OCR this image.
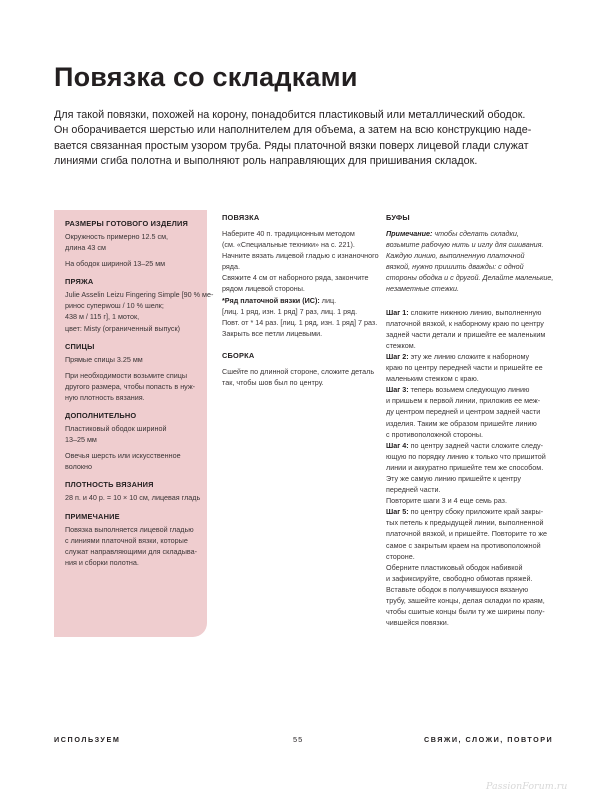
Повязка со складками
Для такой повязки, похожей на корону, понадобится пластиковый или металлический ободок.
Он оборачивается шерстью или наполнителем для объема, а затем на всю конструкцию наде-
вается связанная простым узором труба. Ряды платочной вязки поверх лицевой глади служат
линиями сгиба полотна и выполняют роль направляющих для пришивания складок.
РАЗМЕРЫ ГОТОВОГО ИЗДЕЛИЯ
Окружность примерно 12.5 см,
длина 43 см
На ободок шириной 13–25 мм
ПРЯЖА
Julie Asselin Leizu Fingering Simple [90 % ме-
ринос суперwош / 10 % шелк;
438 м / 115 г], 1 моток,
цвет: Misty (ограниченный выпуск)
СПИЦЫ
Прямые спицы 3.25 мм
При необходимости возьмите спицы
другого размера, чтобы попасть в нуж-
ную плотность вязания.
ДОПОЛНИТЕЛЬНО
Пластиковый ободок шириной
13–25 мм
Овечья шерсть или искусственное
волокно
ПЛОТНОСТЬ ВЯЗАНИЯ
28 п. и 40 р. = 10 × 10 см, лицевая гладь
ПРИМЕЧАНИЕ
Повязка выполняется лицевой гладью
с линиями платочной вязки, которые
служат направляющими для складыва-
ния и сборки полотна.
ПОВЯЗКА
Наберите 40 п. традиционным методом
(см. «Специальные техники» на с. 221).
Начните вязать лицевой гладью с изнаночного
ряда.
Свяжите 4 см от наборного ряда, закончите
рядом лицевой стороны.
*Ряд платочной вязки (ИС): лиц.
[лиц. 1 ряд, изн. 1 ряд] 7 раз, лиц. 1 ряд.
Повт. от * 14 раз. [лиц. 1 ряд, изн. 1 ряд] 7 раз.
Закрыть все петли лицевыми.
СБОРКА
Сшейте по длинной стороне, сложите деталь
так, чтобы шов был по центру.
БУФЫ
Примечание: чтобы сделать складки,
возьмите рабочую нить и иглу для сшивания.
Каждую линию, выполненную платочной
вязкой, нужно пришить дважды: с одной
стороны ободка и с другой. Делайте маленькие,
незаметные стежки.
Шаг 1: сложите нижнюю линию, выполненную
платочной вязкой, к наборному краю по центру
задней части детали и пришейте ее маленьким
стежком.
Шаг 2: эту же линию сложите к наборному
краю по центру передней части и пришейте ее
маленьким стежком с краю.
Шаг 3: теперь возьмем следующую линию
и пришьем к первой линии, приложив ее меж-
ду центром передней и центром задней части
изделия. Таким же образом пришейте линию
с противоположной стороны.
Шаг 4: по центру задней части сложите следу-
ющую по порядку линию к только что пришитой
линии и аккуратно пришейте тем же способом.
Эту же самую линию пришейте к центру
передней части.
Повторите шаги 3 и 4 еще семь раз.
Шаг 5: по центру сбоку приложите край закры-
тых петель к предыдущей линии, выполненной
платочной вязкой, и пришейте. Повторите то же
самое с закрытым краем на противоположной
стороне.
Оберните пластиковый ободок набивкой
и зафиксируйте, свободно обмотав пряжей.
Вставьте ободок в получившуюся вязаную
трубу, зашейте концы, делая складки по краям,
чтобы сшитые концы были ту же ширины полу-
чившейся повязки.
ИСПОЛЬЗУЕМ	55	СВЯЖИ, СЛОЖИ, ПОВТОРИ
PassionForum.ru
